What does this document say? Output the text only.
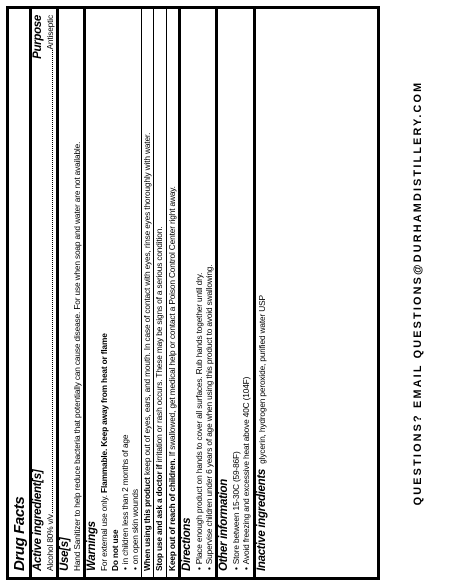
Drug Facts Active ingredient[s]
Purpose
Alcohol 80% v/v
Antiseptic
Use[s] Hand Sanitizer to help reduce bacteria that potentially can cause disease. For use when soap and water are not available. Warnings For external use only. Flammable. Keep away from heat or flame
Do not use • in children less than 2 months of age • on open skin wounds When using this product keep out of eyes, ears, and mouth. In case of contact with eyes, rinse eyes thoroughly with water.
Stop use and ask a doctor if irritation or rash occurs. These may be signs of a serious condition.
Keep out of reach of children. If swallowed, get medical help or contact a Poison Control Center right away.
Directions • Place enough product on hands to cover all surfaces. Rub hands together until dry. • Supervise children under 6 years of age when using this product to avoid swallowing. Other information • Store between 15-30C (59-86F) • Avoid freezing and excessive heat above 40C (104F) Inactive ingredients glycerin, hydrogen peroxide, purified water USP	QUESTIONS? EMAIL QUESTIONS@DURHAMDISTILLERY.COM
